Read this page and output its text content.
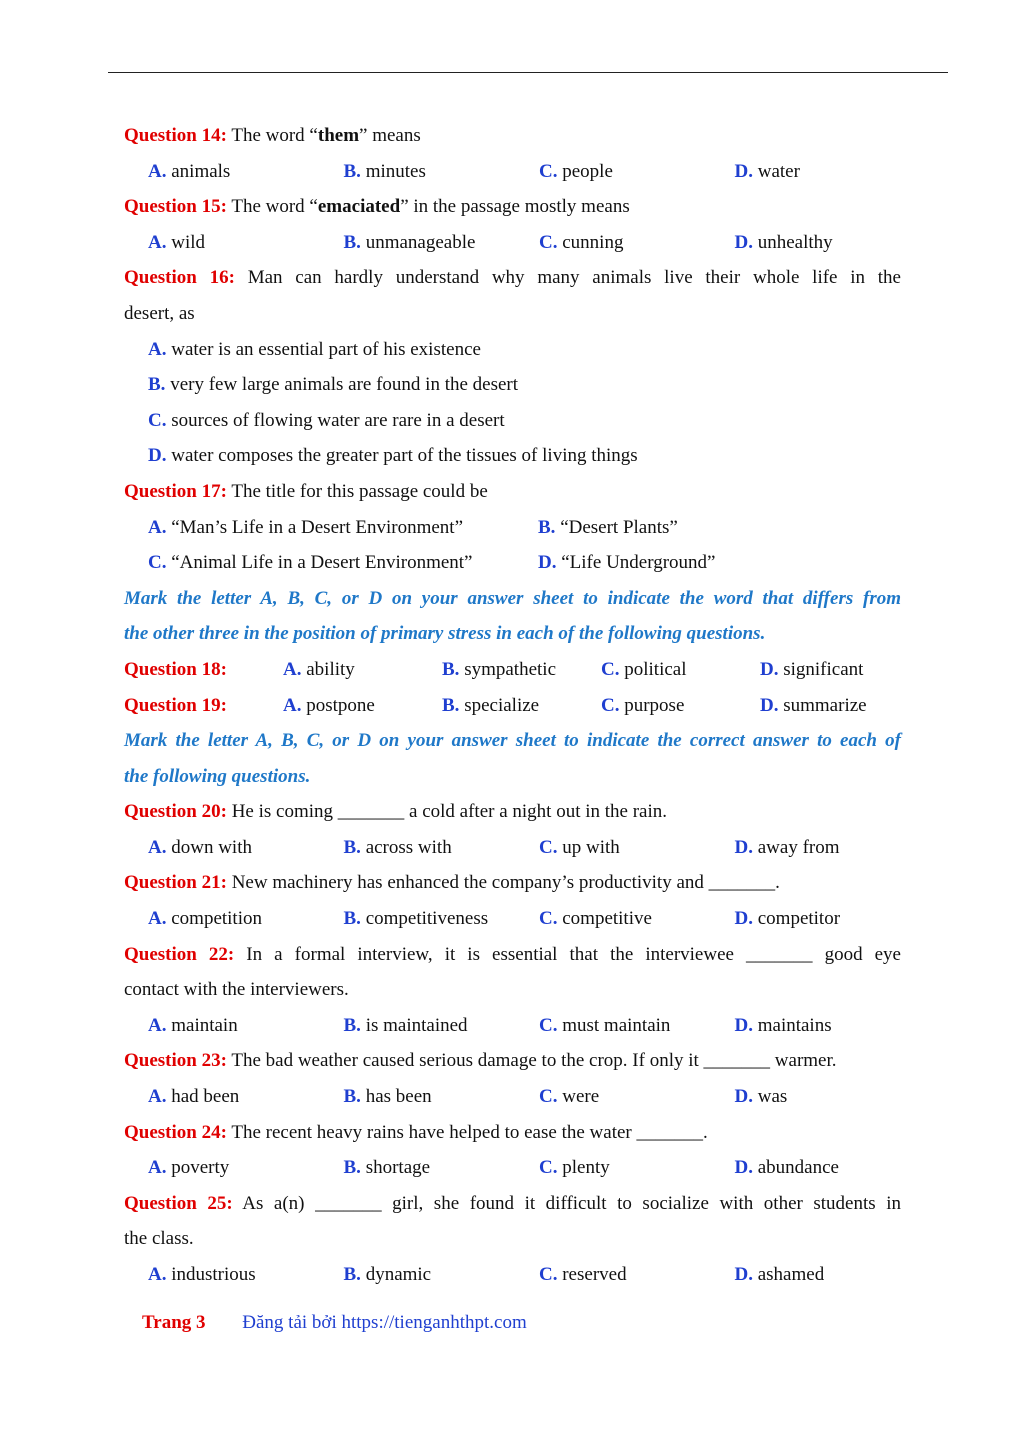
Question 14: The word “them” means
A. animals	B. minutes	C. people	D. water
Question 15: The word “emaciated” in the passage mostly means
A. wild	B. unmanageable	C. cunning	D. unhealthy
Question 16: Man can hardly understand why many animals live their whole life in the
desert, as
A. water is an essential part of his existence
B. very few large animals are found in the desert
C. sources of flowing water are rare in a desert
D. water composes the greater part of the tissues of living things
Question 17: The title for this passage could be
A. “Man’s Life in a Desert Environment”	B. “Desert Plants”
C. “Animal Life in a Desert Environment”	D. “Life Underground”
Mark the letter A, B, C, or D on your answer sheet to indicate the word that differs from
the other three in the position of primary stress in each of the following questions.
Question 18:	A. ability	B. sympathetic	C. political	D. significant
Question 19:	A. postpone	B. specialize	C. purpose	D. summarize
Mark the letter A, B, C, or D on your answer sheet to indicate the correct answer to each of
the following questions.
Question 20: He is coming _______ a cold after a night out in the rain.
A. down with	B. across with	C. up with	D. away from
Question 21: New machinery has enhanced the company’s productivity and _______.
A. competition	B. competitiveness	C. competitive	D. competitor
Question 22: In a formal interview, it is essential that the interviewee _______ good eye
contact with the interviewers.
A. maintain	B. is maintained	C. must maintain	D. maintains
Question 23: The bad weather caused serious damage to the crop. If only it _______ warmer.
A. had been	B. has been	C. were	D. was
Question 24: The recent heavy rains have helped to ease the water _______.
A. poverty	B. shortage	C. plenty	D. abundance
Question 25: As a(n) _______ girl, she found it difficult to socialize with other students in
the class.
A. industrious	B. dynamic	C. reserved	D. ashamed
Trang 3 Đăng tải bởi https://tienganhthpt.com
